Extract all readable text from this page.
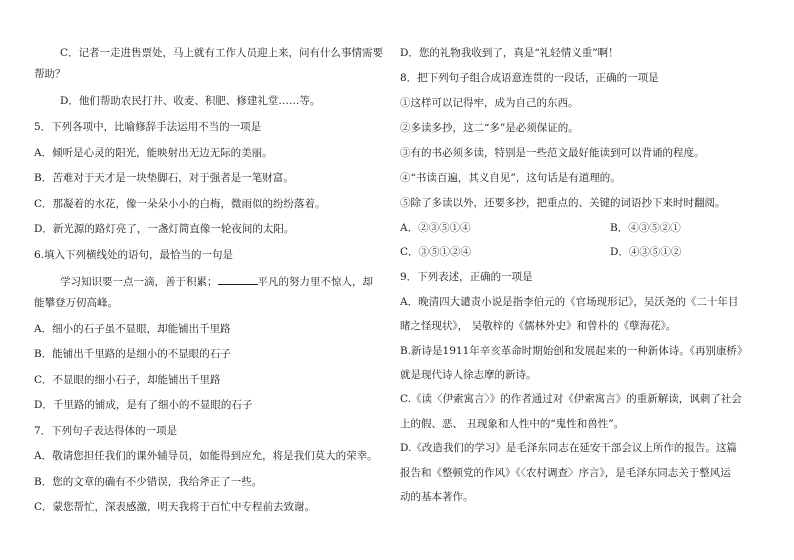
C．记者一走进售票处，马上就有工作人员迎上来，问有什么事情需要
帮助？
D．他们帮助农民打井、收麦、积肥、修建礼堂……等。
5．下列各项中，比喻修辞手法运用不当的一项是
A．倾听是心灵的阳光，能映射出无边无际的美丽。
B．苦难对于天才是一块垫脚石，对于强者是一笔财富。
C．那凝着的水花，像一朵朵小小的白梅，微雨似的纷纷落着。
D．新光源的路灯亮了，一盏灯简直像一轮夜间的太阳。
6.填入下列横线处的语句，最恰当的一句是
学习知识要一点一滴，善于积累；	平凡的努力里不惊人，却
能攀登万仞高峰。
A．细小的石子虽不显眼，却能铺出千里路
B．能铺出千里路的是细小的不显眼的石子
C．不显眼的细小石子，却能铺出千里路
D．千里路的铺成，是有了细小的不显眼的石子
7．下列句子表达得体的一项是
A．敬请您担任我们的课外辅导员，如能得到应允，将是我们莫大的荣幸。
B．您的文章的确有不少错误，我给斧正了一些。
C．蒙您帮忙，深表感激，明天我将于百忙中专程前去致谢。
D．您的礼物我收到了，真是“礼轻情义重”啊！
8．把下列句子组合成语意连贯的一段话，正确的一项是
①这样可以记得牢，成为自己的东西。
②多读多抄，这二“多”是必须保证的。
③有的书必须多读，特别是一些范文最好能读到可以背诵的程度。
④“书读百遍，其义自见”，这句话是有道理的。
⑤除了多读以外，还要多抄，把重点的、关键的词语抄下来时时翻阅。
A．②③⑤①④	B．④③⑤②①
C．③⑤①②④	D．④③⑤①②
9．下列表述，正确的一项是
A．晚清四大谴责小说是指李伯元的《官场现形记》，吴沃尧的《二十年目
睹之怪现状》， 吴敬梓的《儒林外史》和曾朴的《孽海花》。
B.新诗是1911年辛亥革命时期始创和发展起来的一种新体诗。《再别康桥》
就是现代诗人徐志摩的新诗。
C.《读〈伊索寓言〉》的作者通过对《伊索寓言》的重新解读，讽刺了社会
上的假、恶、 丑现象和人性中的“鬼性和兽性”。
D.《改造我们的学习》是毛泽东同志在延安干部会议上所作的报告。这篇
报告和《整顿党的作风》《〈农村调查〉序言》，是毛泽东同志关于整风运
动的基本著作。
